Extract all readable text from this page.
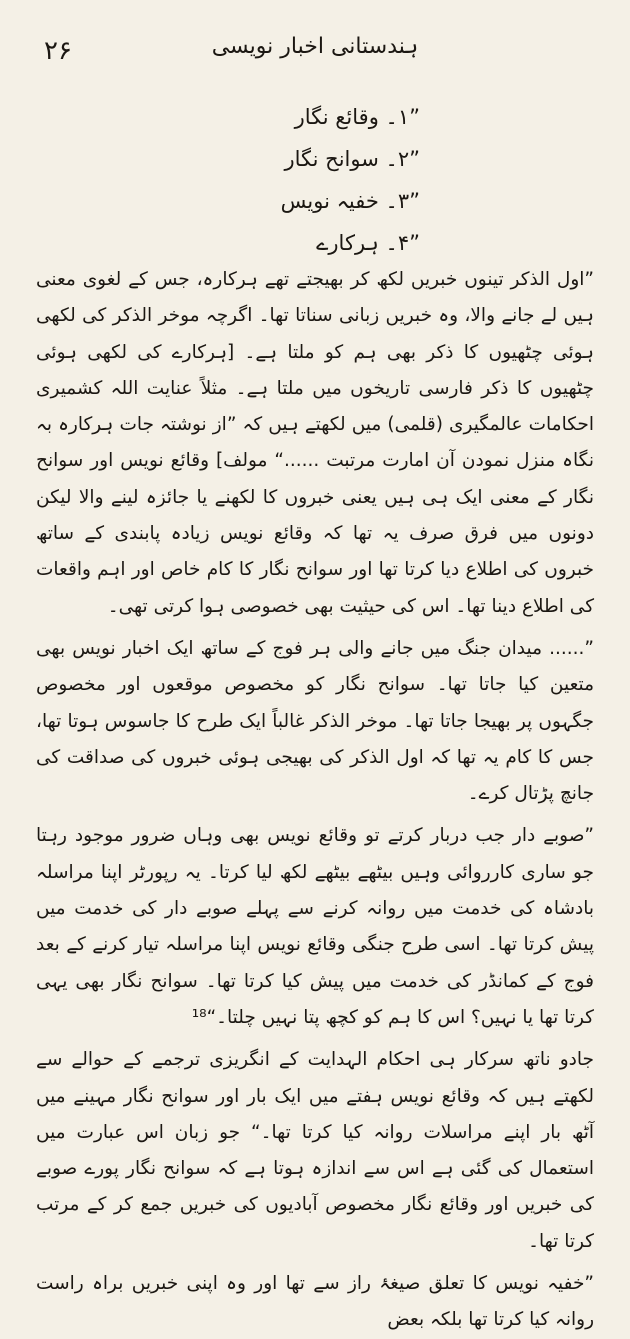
۲۶	ہندستانی اخبار نویسی
”۱۔ وقائع نگار
”۲۔ سوانح نگار
”۳۔ خفیہ نویس
”۴۔ ہرکارے

”اول الذکر تینوں خبریں لکھ کر بھیجتے تھے ہرکارہ، جس کے لغوی معنی ہیں لے جانے والا، وہ خبریں زبانی سناتا تھا۔ اگرچہ موخر الذکر کی لکھی ہوئی چٹھیوں کا ذکر بھی ہم کو ملتا ہے۔ [ہرکارے کی لکھی ہوئی چٹھیوں کا ذکر فارسی تاریخوں میں ملتا ہے۔ مثلاً عنایت اللہ کشمیری احکامات عالمگیری (قلمی) میں لکھتے ہیں کہ ”از نوشتہ جات ہرکارہ بہ نگاہ منزل نمودن آن امارت مرتبت ......“ مولف] وقائع نویس اور سوانح نگار کے معنی ایک ہی ہیں یعنی خبروں کا لکھنے یا جائزہ لینے والا لیکن دونوں میں فرق صرف یہ تھا کہ وقائع نویس زیادہ پابندی کے ساتھ خبروں کی اطلاع دیا کرتا تھا اور سوانح نگار کا کام خاص اور اہم واقعات کی اطلاع دینا تھا۔ اس کی حیثیت بھی خصوصی ہوا کرتی تھی۔

”...... میدان جنگ میں جانے والی ہر فوج کے ساتھ ایک اخبار نویس بھی متعین کیا جاتا تھا۔ سوانح نگار کو مخصوص موقعوں اور مخصوص جگہوں پر بھیجا جاتا تھا۔ موخر الذکر غالباً ایک طرح کا جاسوس ہوتا تھا، جس کا کام یہ تھا کہ اول الذکر کی بھیجی ہوئی خبروں کی صداقت کی جانچ پڑتال کرے۔

”صوبے دار جب دربار کرتے تو وقائع نویس بھی وہاں ضرور موجود رہتا جو ساری کارروائی وہیں بیٹھے بیٹھے لکھ لیا کرتا۔ یہ رپورٹر اپنا مراسلہ بادشاہ کی خدمت میں روانہ کرنے سے پہلے صوبے دار کی خدمت میں پیش کرتا تھا۔ اسی طرح جنگی وقائع نویس اپنا مراسلہ تیار کرنے کے بعد فوج کے کمانڈر کی خدمت میں پیش کیا کرتا تھا۔ سوانح نگار بھی یہی کرتا تھا یا نہیں؟ اس کا ہم کو کچھ پتا نہیں چلتا۔“¹⁸

جادو ناتھ سرکار ہی احکام الہدایت کے انگریزی ترجمے کے حوالے سے لکھتے ہیں کہ وقائع نویس ہفتے میں ایک بار اور سوانح نگار مہینے میں آٹھ بار اپنے مراسلات روانہ کیا کرتا تھا۔“ جو زبان اس عبارت میں استعمال کی گئی ہے اس سے اندازہ ہوتا ہے کہ سوانح نگار پورے صوبے کی خبریں اور وقائع نگار مخصوص آبادیوں کی خبریں جمع کر کے مرتب کرتا تھا۔

”خفیہ نویس کا تعلق صیغۂ راز سے تھا اور وہ اپنی خبریں براہ راست روانہ کیا کرتا تھا بلکہ بعض
